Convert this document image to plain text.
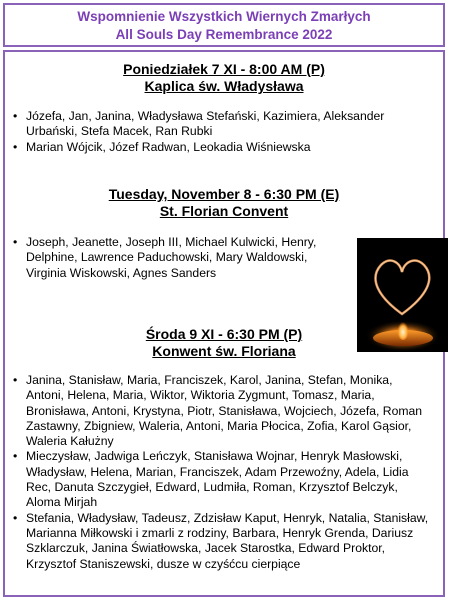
Wspomnienie Wszystkich Wiernych Zmarłych
All Souls Day Remembrance 2022
Poniedziałek 7 XI - 8:00 AM (P)
Kaplica św. Władysława
• Józefa, Jan, Janina, Władysława Stefański, Kazimiera, Aleksander Urbański, Stefa Macek, Ran Rubki
• Marian Wójcik, Józef Radwan, Leokadia Wiśniewska
Tuesday, November 8 - 6:30 PM (E)
St. Florian Convent
• Joseph, Jeanette, Joseph III, Michael Kulwicki, Henry, Delphine, Lawrence Paduchowski, Mary Waldowski, Virginia Wiskowski, Agnes Sanders
Środa 9 XI - 6:30 PM (P)
Konwent św. Floriana
• Janina, Stanisław, Maria, Franciszek, Karol, Janina, Stefan, Monika, Antoni, Helena, Maria, Wiktor, Wiktoria Zygmunt, Tomasz, Maria, Bronisława, Antoni, Krystyna, Piotr, Stanisława, Wojciech, Józefa, Roman Zastawny, Zbigniew, Waleria, Antoni, Maria Płocica, Zofia, Karol Gąsior, Waleria Kałużny
• Mieczysław, Jadwiga Leńczyk, Stanisława Wojnar, Henryk Masłowski, Władysław, Helena, Marian, Franciszek, Adam Przewoźny, Adela, Lidia Rec, Danuta Szczygieł, Edward, Ludmiła, Roman, Krzysztof Belczyk, Aloma Mirjah
• Stefania, Władysław, Tadeusz, Zdzisław Kaput, Henryk, Natalia, Stanisław, Marianna Miłkowski i zmarli z rodziny, Barbara, Henryk Grenda, Dariusz Szklarczuk, Janina Światłowska, Jacek Starostka, Edward Proktor, Krzysztof Staniszewski, dusze w czyśćcu cierpiące
